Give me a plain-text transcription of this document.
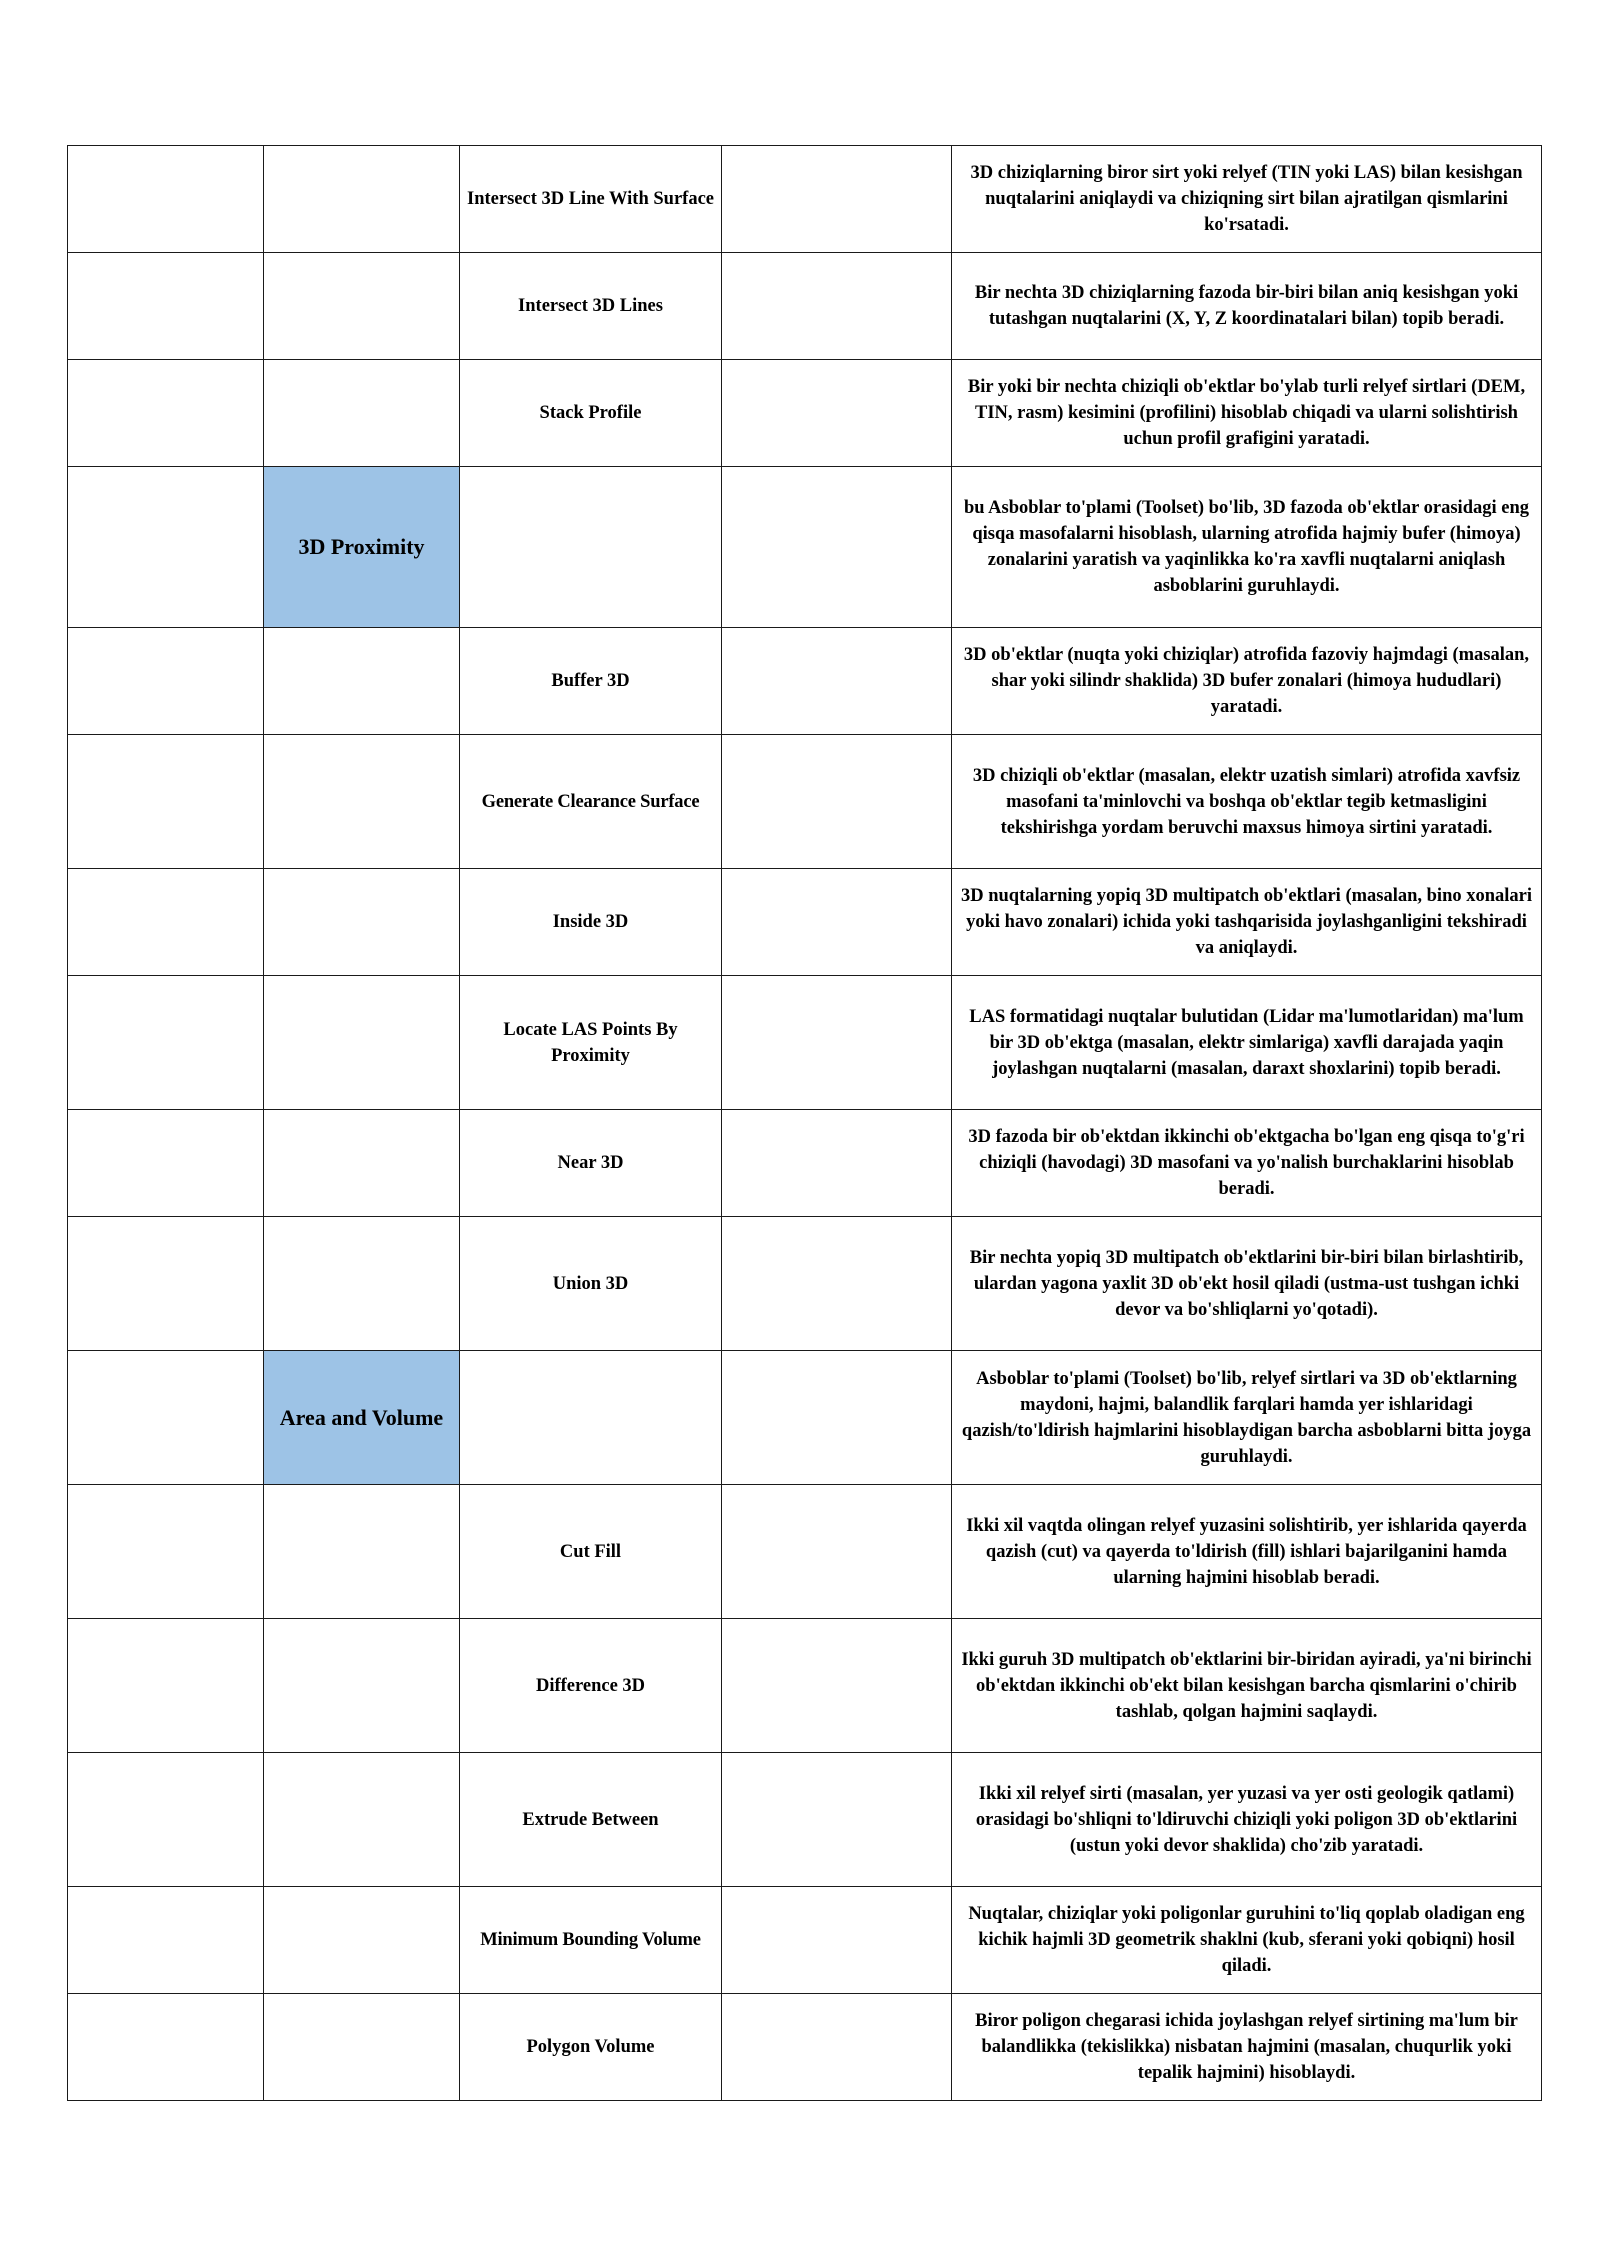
		Intersect 3D Line With Surface		3D chiziqlarning biror sirt yoki relyef (TIN yoki LAS) bilan kesishgan nuqtalarini aniqlaydi va chiziqning sirt bilan ajratilgan qismlarini ko'rsatadi.
		Intersect 3D Lines		Bir nechta 3D chiziqlarning fazoda bir-biri bilan aniq kesishgan yoki tutashgan nuqtalarini (X, Y, Z koordinatalari bilan) topib beradi.
		Stack Profile		Bir yoki bir nechta chiziqli ob'ektlar bo'ylab turli relyef sirtlari (DEM, TIN, rasm) kesimini (profilini) hisoblab chiqadi va ularni solishtirish uchun profil grafigini yaratadi.
	3D Proximity			bu Asboblar to'plami (Toolset) bo'lib, 3D fazoda ob'ektlar orasidagi eng qisqa masofalarni hisoblash, ularning atrofida hajmiy bufer (himoya) zonalarini yaratish va yaqinlikka ko'ra xavfli nuqtalarni aniqlash asboblarini guruhlaydi.
		Buffer 3D		3D ob'ektlar (nuqta yoki chiziqlar) atrofida fazoviy hajmdagi (masalan, shar yoki silindr shaklida) 3D bufer zonalari (himoya hududlari) yaratadi.
		Generate Clearance Surface		3D chiziqli ob'ektlar (masalan, elektr uzatish simlari) atrofida xavfsiz masofani ta'minlovchi va boshqa ob'ektlar tegib ketmasligini tekshirishga yordam beruvchi maxsus himoya sirtini yaratadi.
		Inside 3D		3D nuqtalarning yopiq 3D multipatch ob'ektlari (masalan, bino xonalari yoki havo zonalari) ichida yoki tashqarisida joylashganligini tekshiradi va aniqlaydi.
		Locate LAS Points By Proximity		LAS formatidagi nuqtalar bulutidan (Lidar ma'lumotlaridan) ma'lum bir 3D ob'ektga (masalan, elektr simlariga) xavfli darajada yaqin joylashgan nuqtalarni (masalan, daraxt shoxlarini) topib beradi.
		Near 3D		3D fazoda bir ob'ektdan ikkinchi ob'ektgacha bo'lgan eng qisqa to'g'ri chiziqli (havodagi) 3D masofani va yo'nalish burchaklarini hisoblab beradi.
		Union 3D		Bir nechta yopiq 3D multipatch ob'ektlarini bir-biri bilan birlashtirib, ulardan yagona yaxlit 3D ob'ekt hosil qiladi (ustma-ust tushgan ichki devor va bo'shliqlarni yo'qotadi).
	Area and Volume			Asboblar to'plami (Toolset) bo'lib, relyef sirtlari va 3D ob'ektlarning maydoni, hajmi, balandlik farqlari hamda yer ishlaridagi qazish/to'ldirish hajmlarini hisoblaydigan barcha asboblarni bitta joyga guruhlaydi.
		Cut Fill		Ikki xil vaqtda olingan relyef yuzasini solishtirib, yer ishlarida qayerda qazish (cut) va qayerda to'ldirish (fill) ishlari bajarilganini hamda ularning hajmini hisoblab beradi.
		Difference 3D		Ikki guruh 3D multipatch ob'ektlarini bir-biridan ayiradi, ya'ni birinchi ob'ektdan ikkinchi ob'ekt bilan kesishgan barcha qismlarini o'chirib tashlab, qolgan hajmini saqlaydi.
		Extrude Between		Ikki xil relyef sirti (masalan, yer yuzasi va yer osti geologik qatlami) orasidagi bo'shliqni to'ldiruvchi chiziqli yoki poligon 3D ob'ektlarini (ustun yoki devor shaklida) cho'zib yaratadi.
		Minimum Bounding Volume		Nuqtalar, chiziqlar yoki poligonlar guruhini to'liq qoplab oladigan eng kichik hajmli 3D geometrik shaklni (kub, sferani yoki qobiqni) hosil qiladi.
		Polygon Volume		Biror poligon chegarasi ichida joylashgan relyef sirtining ma'lum bir balandlikka (tekislikka) nisbatan hajmini (masalan, chuqurlik yoki tepalik hajmini) hisoblaydi.
